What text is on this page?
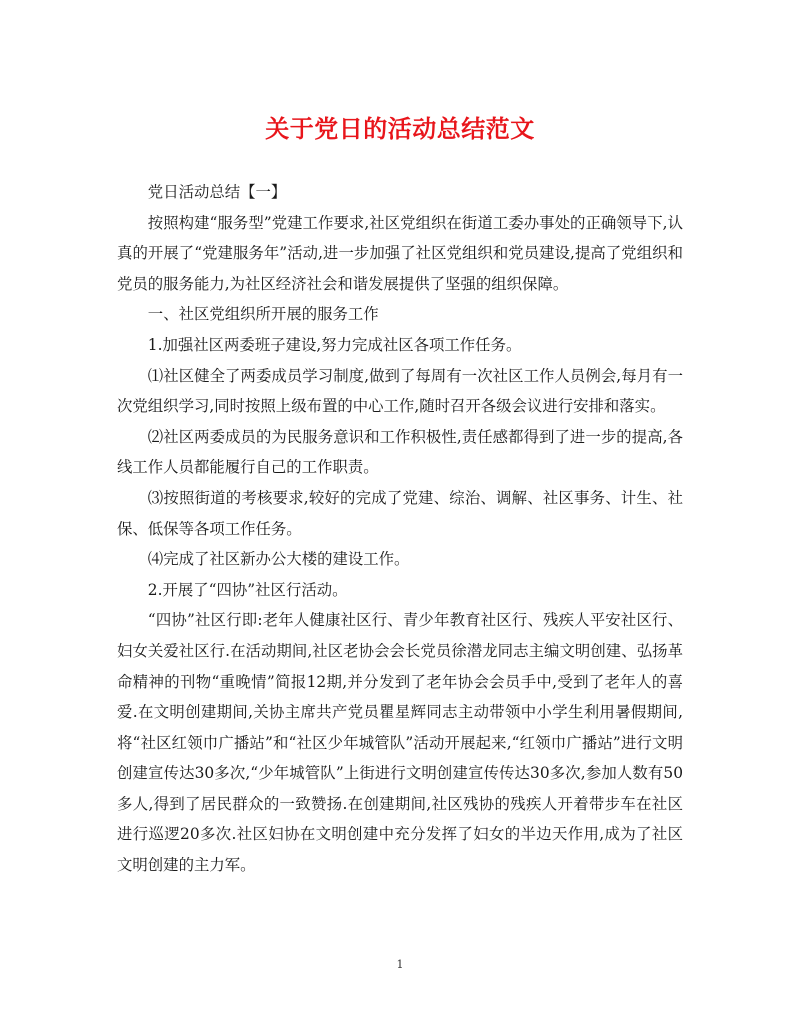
关于党日的活动总结范文

党日活动总结【一】

按照构建“服务型”党建工作要求,社区党组织在街道工委办事处的正确领导下,认真的开展了“党建服务年”活动,进一步加强了社区党组织和党员建设,提高了党组织和党员的服务能力,为社区经济社会和谐发展提供了坚强的组织保障。

一、社区党组织所开展的服务工作

1.加强社区两委班子建设,努力完成社区各项工作任务。

⑴社区健全了两委成员学习制度,做到了每周有一次社区工作人员例会,每月有一次党组织学习,同时按照上级布置的中心工作,随时召开各级会议进行安排和落实。

⑵社区两委成员的为民服务意识和工作积极性,责任感都得到了进一步的提高,各线工作人员都能履行自己的工作职责。

⑶按照街道的考核要求,较好的完成了党建、综治、调解、社区事务、计生、社保、低保等各项工作任务。

⑷完成了社区新办公大楼的建设工作。

2.开展了“四协”社区行活动。

“四协”社区行即:老年人健康社区行、青少年教育社区行、残疾人平安社区行、妇女关爱社区行.在活动期间,社区老协会会长党员徐潜龙同志主编文明创建、弘扬革命精神的刊物“重晚情”简报12期,并分发到了老年协会会员手中,受到了老年人的喜爱.在文明创建期间,关协主席共产党员瞿星辉同志主动带领中小学生利用暑假期间,将“社区红领巾广播站”和“社区少年城管队”活动开展起来,“红领巾广播站”进行文明创建宣传达30多次,“少年城管队”上街进行文明创建宣传传达30多次,参加人数有50多人,得到了居民群众的一致赞扬.在创建期间,社区残协的残疾人开着带步车在社区进行巡逻20多次.社区妇协在文明创建中充分发挥了妇女的半边天作用,成为了社区文明创建的主力军。

1
